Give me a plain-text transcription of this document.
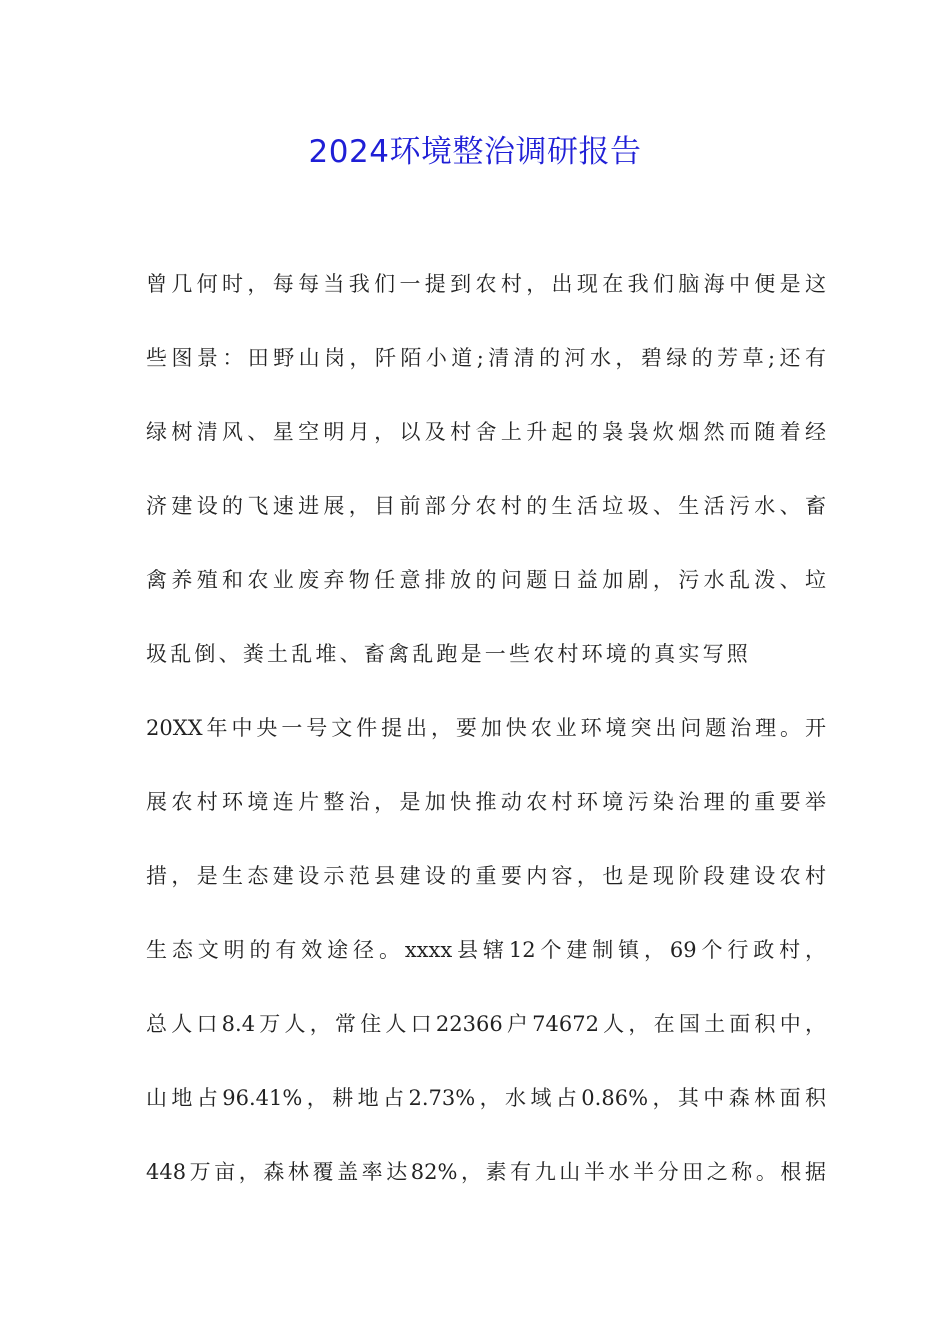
2024环境整治调研报告
曾几何时，每每当我们一提到农村，出现在我们脑海中便是这
些图景：田野山岗，阡陌小道;清清的河水，碧绿的芳草;还有
绿树清风、星空明月，以及村舍上升起的袅袅炊烟然而随着经
济建设的飞速进展，目前部分农村的生活垃圾、生活污水、畜
禽养殖和农业废弃物任意排放的问题日益加剧，污水乱泼、垃
圾乱倒、粪土乱堆、畜禽乱跑是一些农村环境的真实写照
20XX年中央一号文件提出，要加快农业环境突出问题治理。开
展农村环境连片整治，是加快推动农村环境污染治理的重要举
措，是生态建设示范县建设的重要内容，也是现阶段建设农村
生态文明的有效途径。xxxx县辖12个建制镇，69个行政村，
总人口8.4万人，常住人口22366户74672人，在国土面积中，
山地占96.41%，耕地占2.73%，水域占0.86%，其中森林面积
448万亩，森林覆盖率达82%，素有九山半水半分田之称。根据
